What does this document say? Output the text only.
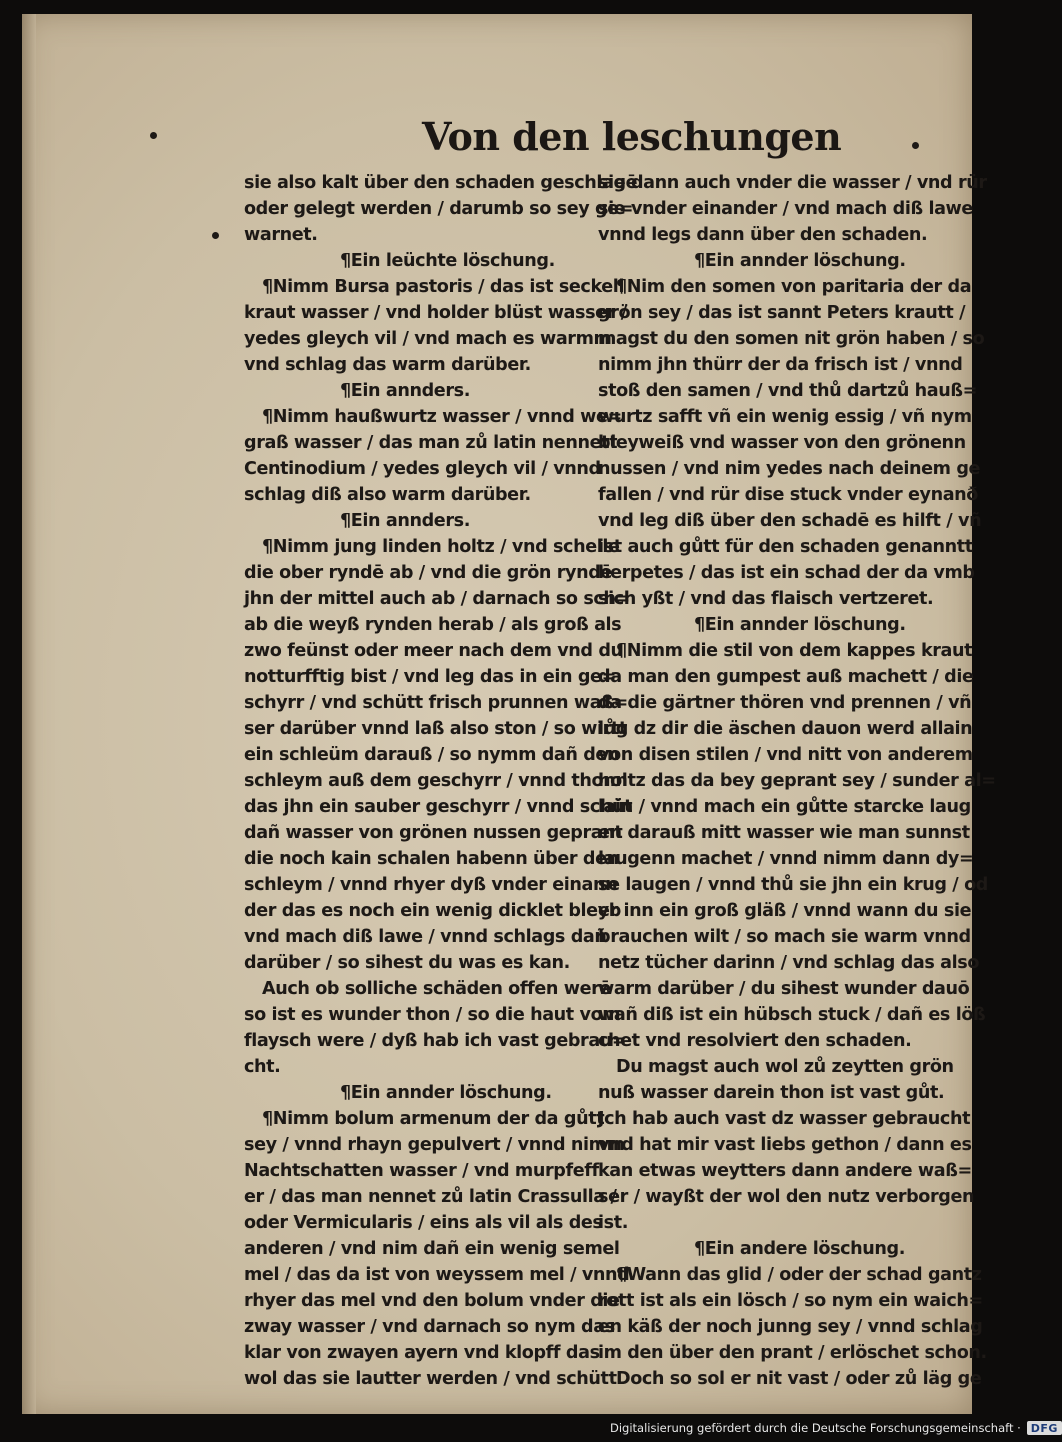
Von den leschungen
sie also kalt über den schaden geschlagē
oder gelegt werden / darumb so sey ge=
warnet.
¶Ein leüchte löschung.
¶Nimm Bursa pastoris / das ist seckell
kraut wasser / vnd holder blüst wasser /
yedes gleych vil / vnd mach es warmm
vnd schlag das warm darüber.
¶Ein annders.
¶Nimm haußwurtz wasser / vnnd we=
graß wasser / das man zů latin nennett
Centinodium / yedes gleych vil / vnnd
schlag diß also warm darüber.
¶Ein annders.
¶Nimm jung linden holtz / vnd schelle
die ober ryndē ab / vnd die grön ryndē
jhn der mittel auch ab / darnach so sch=
ab die weyß rynden herab / als groß als
zwo feünst oder meer nach dem vnd du
notturfftig bist / vnd leg das in ein ge=
schyrr / vnd schütt frisch prunnen waß=
ser darüber vnnd laß also ston / so wirtt
ein schleüm darauß / so nymm dañ den
schleym auß dem geschyrr / vnnd thonn
das jhn ein sauber geschyrr / vnnd schüt
dañ wasser von grönen nussen geprant
die noch kain schalen habenn über den
schleym / vnnd rhyer dyß vnder einann
der das es noch ein wenig dicklet bleyb
vnd mach diß lawe / vnnd schlags dañ
darüber / so sihest du was es kan.
Auch ob solliche schäden offen werē
so ist es wunder thon / so die haut vom
flaysch were / dyß hab ich vast gebrau=
cht.
¶Ein annder löschung.
¶Nimm bolum armenum der da gůtt
sey / vnnd rhayn gepulvert / vnnd nimm
Nachtschatten wasser / vnd murpfeff
er / das man nennet zů latin Crassulla /
oder Vermicularis / eins als vil als des
anderen / vnd nim dañ ein wenig semel
mel / das da ist von weyssem mel / vnnd
rhyer das mel vnd den bolum vnder die
zway wasser / vnd darnach so nym das
klar von zwayen ayern vnd klopff das
wol das sie lautter werden / vnd schütt
sie dann auch vnder die wasser / vnd rür
sie vnder einander / vnd mach diß lawe
vnnd legs dann über den schaden.
¶Ein annder löschung.
¶Nim den somen von paritaria der da
grön sey / das ist sannt Peters krautt /
magst du den somen nit grön haben / so
nimm jhn thürr der da frisch ist / vnnd
stoß den samen / vnd thů dartzů hauß=
wurtz safft vñ ein wenig essig / vñ nym
bleyweiß vnd wasser von den grönenn
nussen / vnd nim yedes nach deinem ge
fallen / vnd rür dise stuck vnder eynanð
vnd leg diß über den schadē es hilft / vñ
ist auch gůtt für den schaden genanntt
herpetes / das ist ein schad der da vmb
sich yßt / vnd das flaisch vertzeret.
¶Ein annder löschung.
¶Nimm die stil von dem kappes kraut
da man den gumpest auß machett / die
da die gärtner thören vnd prennen / vñ
lůg dz dir die äschen dauon werd allain
von disen stilen / vnd nitt von anderem
holtz das da bey geprant sey / sunder al=
lain / vnnd mach ein gůtte starcke laug
en darauß mitt wasser wie man sunnst
laugenn machet / vnnd nimm dann dy=
se laugen / vnnd thů sie jhn ein krug / od
er inn ein groß gläß / vnnd wann du sie
brauchen wilt / so mach sie warm vnnd
netz tücher darinn / vnd schlag das also
warm darüber / du sihest wunder dauō
wañ diß ist ein hübsch stuck / dañ es löß
chet vnd resolviert den schaden.
Du magst auch wol zů zeytten grön
nuß wasser darein thon ist vast gůt.
Jch hab auch vast dz wasser gebraucht
vnd hat mir vast liebs gethon / dann es
kan etwas weytters dann andere waß=
ser / wayßt der wol den nutz verborgen
ist.
¶Ein andere löschung.
¶Wann das glid / oder der schad gantz
rott ist als ein lösch / so nym ein waich=
en käß der noch junng sey / vnnd schlag
im den über den prant / erlöschet schon.
Doch so sol er nit vast / oder zů läg ge
Digitalisierung gefördert durch die Deutsche Forschungsgemeinschaft · DFG
